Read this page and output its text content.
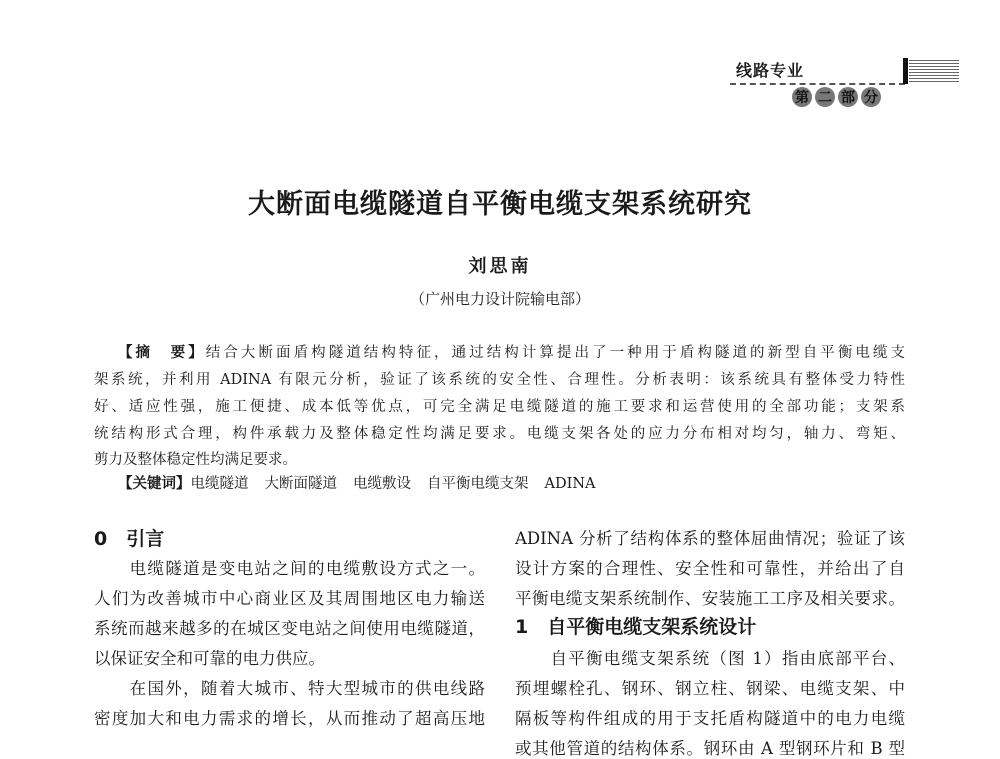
线路专业
第 二 部 分
大断面电缆隧道自平衡电缆支架系统研究
刘思南
（广州电力设计院输电部）
【摘　要】结合大断面盾构隧道结构特征，通过结构计算提出了一种用于盾构隧道的新型自平衡电缆支
架系统，并利用 ADINA 有限元分析，验证了该系统的安全性、合理性。分析表明：该系统具有整体受力特性
好、适应性强，施工便捷、成本低等优点，可完全满足电缆隧道的施工要求和运营使用的全部功能；支架系
统结构形式合理，构件承载力及整体稳定性均满足要求。电缆支架各处的应力分布相对均匀，轴力、弯矩、
剪力及整体稳定性均满足要求。
【关键词】电缆隧道 大断面隧道 电缆敷设 自平衡电缆支架 ADINA
0　引言
　　电缆隧道是变电站之间的电缆敷设方式之一。
人们为改善城市中心商业区及其周围地区电力输送
系统而越来越多的在城区变电站之间使用电缆隧道，
以保证安全和可靠的电力供应。
　　在国外，随着大城市、特大型城市的供电线路
密度加大和电力需求的增长，从而推动了超高压地
ADINA 分析了结构体系的整体屈曲情况；验证了该
设计方案的合理性、安全性和可靠性，并给出了自
平衡电缆支架系统制作、安装施工工序及相关要求。
1　自平衡电缆支架系统设计
　　自平衡电缆支架系统（图 1）指由底部平台、
预埋螺栓孔、钢环、钢立柱、钢梁、电缆支架、中
隔板等构件组成的用于支托盾构隧道中的电力电缆
或其他管道的结构体系。钢环由 A 型钢环片和 B 型
